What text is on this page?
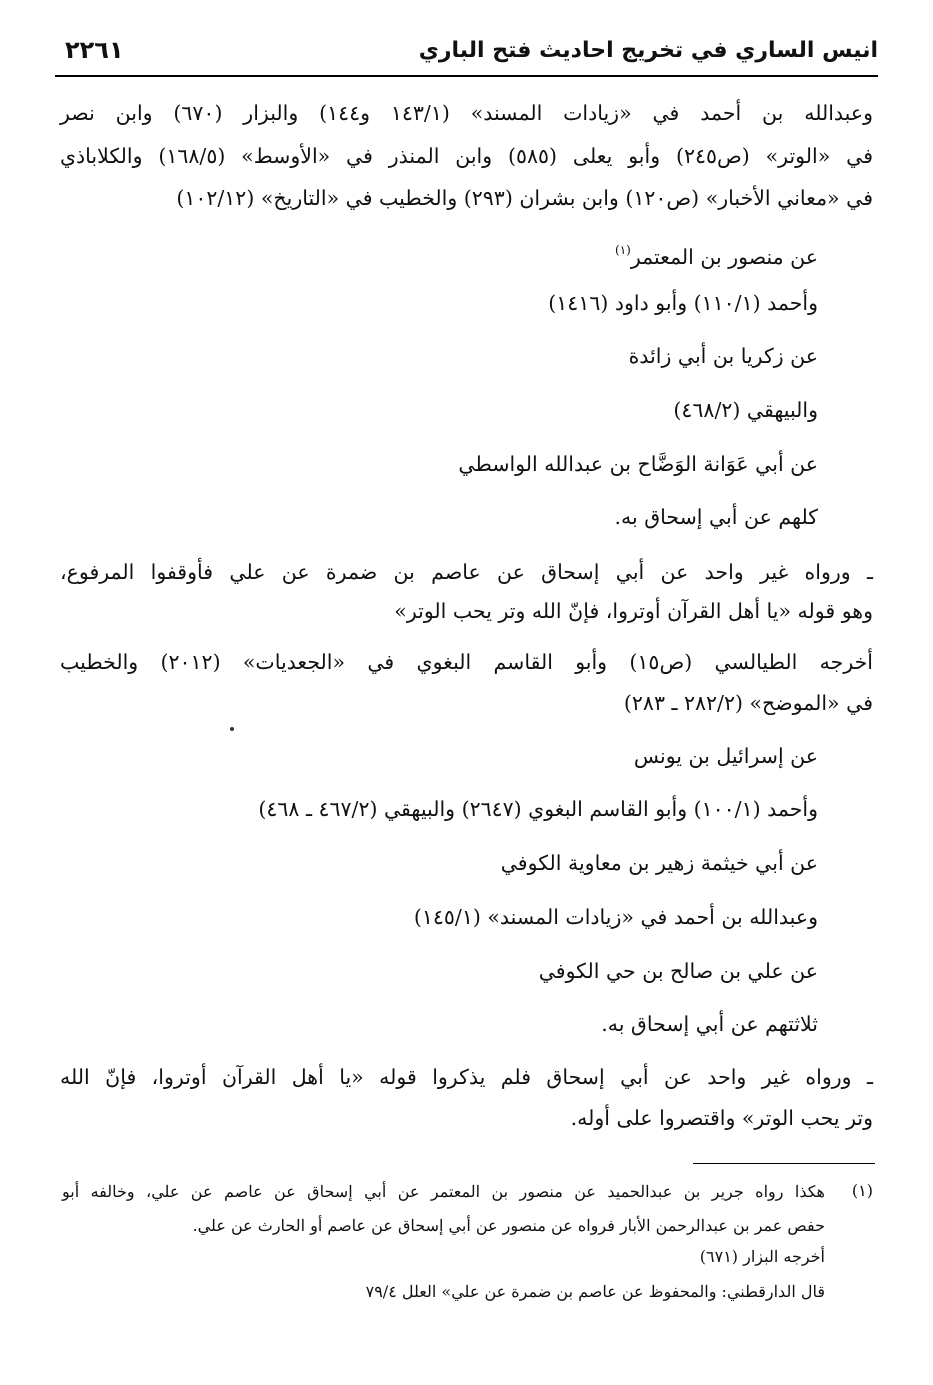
انيس الساري في تخريج احاديث فتح الباري
٢٢٦١
وعبدالله بن أحمد في «زيادات المسند» (١٤٣/١ و١٤٤) والبزار (٦٧٠) وابن نصر
في «الوتر» (ص٢٤٥) وأبو يعلى (٥٨٥) وابن المنذر في «الأوسط» (١٦٨/٥) والكلاباذي
في «معاني الأخبار» (ص١٢٠) وابن بشران (٢٩٣) والخطيب في «التاريخ» (١٠٢/١٢)
عن منصور بن المعتمر$^{(١)}$
وأحمد (١١٠/١) وأبو داود (١٤١٦)
عن زكريا بن أبي زائدة
والبيهقي (٤٦٨/٢)
عن أبي عَوَانة الوَضَّاح بن عبدالله الواسطي
كلهم عن أبي إسحاق به.
ـ ورواه غير واحد عن أبي إسحاق عن عاصم بن ضمرة عن علي فأوقفوا المرفوع،
وهو قوله «يا أهل القرآن أوتروا، فإنّ الله وتر يحب الوتر»
أخرجه الطيالسي (ص١٥) وأبو القاسم البغوي في «الجعديات» (٢٠١٢) والخطيب
في «الموضح» (٢٨٢/٢ ـ ٢٨٣)
عن إسرائيل بن يونس
وأحمد (١٠٠/١) وأبو القاسم البغوي (٢٦٤٧) والبيهقي (٤٦٧/٢ ـ ٤٦٨)
عن أبي خيثمة زهير بن معاوية الكوفي
وعبدالله بن أحمد في «زيادات المسند» (١٤٥/١)
عن علي بن صالح بن حي الكوفي
ثلاثتهم عن أبي إسحاق به.
ـ ورواه غير واحد عن أبي إسحاق فلم يذكروا قوله «يا أهل القرآن أوتروا، فإنّ الله
وتر يحب الوتر» واقتصروا على أوله.
(١)
هكذا رواه جرير بن عبدالحميد عن منصور بن المعتمر عن أبي إسحاق عن عاصم عن علي، وخالفه أبو
حفص عمر بن عبدالرحمن الأبار فرواه عن منصور عن أبي إسحاق عن عاصم أو الحارث عن علي.
أخرجه البزار (٦٧١)
قال الدارقطني: والمحفوظ عن عاصم بن ضمرة عن علي» العلل ٧٩/٤
